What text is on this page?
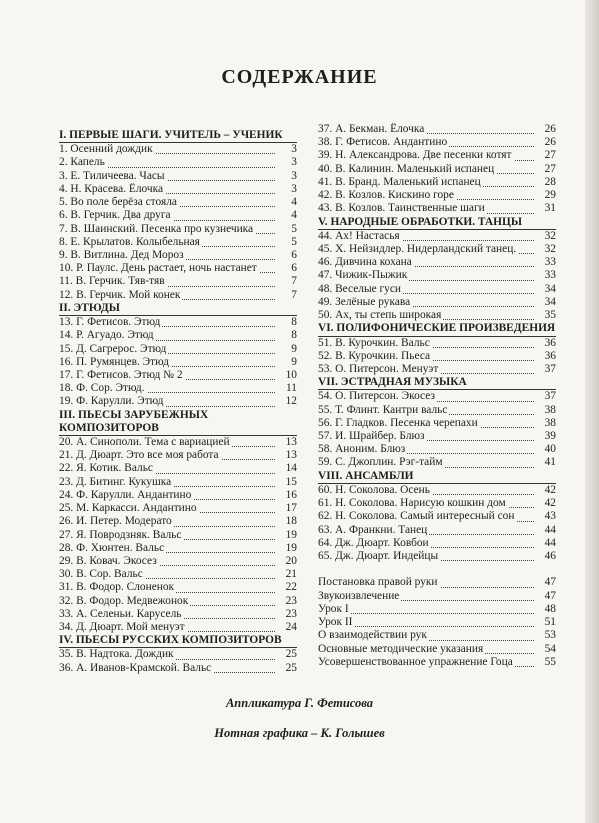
СОДЕРЖАНИЕ
I. ПЕРВЫЕ ШАГИ. УЧИТЕЛЬ – УЧЕНИК
1. Осенний дождик	3
2. Капель	3
3. Е. Тиличеева. Часы	3
4. Н. Красева. Ёлочка	3
5. Во поле берёза стояла	4
6. В. Герчик. Два друга	4
7. В. Шаинский. Песенка про кузнечика	5
8. Е. Крылатов. Колыбельная	5
9. В. Витлина. Дед Мороз	6
10. Р. Паулс. День растает, ночь настанет	6
11. В. Герчик. Тяв-тяв	7
12. В. Герчик. Мой конек	7
II. ЭТЮДЫ
13. Г. Фетисов. Этюд	8
14. Р. Агуадо. Этюд	8
15. Д. Сагрерос. Этюд	9
16. П. Румянцев. Этюд	9
17. Г. Фетисов. Этюд № 2	10
18. Ф. Сор. Этюд.	11
19. Ф. Карулли. Этюд	12
III. ПЬЕСЫ ЗАРУБЕЖНЫХ КОМПОЗИТОРОВ
20. А. Синополи. Тема с вариацией	13
21. Д. Дюарт. Это все моя работа	13
22. Я. Котик. Вальс	14
23. Д. Битинг. Кукушка	15
24. Ф. Карулли. Андантино	16
25. М. Каркасси. Андантино	17
26. И. Петер. Модерато	18
27. Я. Повродзняк. Вальс	19
28. Ф. Хюнтен. Вальс	19
29. В. Ковач. Экосез	20
30. В. Сор. Вальс	21
31. В. Фодор. Слоненок	22
32. В. Фодор. Медвежонок	23
33. А. Селеньи. Карусель	23
34. Д. Дюарт. Мой менуэт	24
IV. ПЬЕСЫ РУССКИХ КОМПОЗИТОРОВ
35. В. Надтока. Дождик	25
36. А. Иванов-Крамской. Вальс	25
37. А. Бекман. Ёлочка	26
38. Г. Фетисов. Андантино	26
39. Н. Александрова. Две песенки котят	27
40. В. Калинин. Маленький испанец	27
41. В. Бранд. Маленький испанец	28
42. В. Козлов. Кискино горе	29
43. В. Козлов. Таинственные шаги	31
V. НАРОДНЫЕ ОБРАБОТКИ. ТАНЦЫ
44. Ах! Настасья	32
45. Х. Нейзидлер. Нидерландский танец.	32
46. Дивчина кохана	33
47. Чижик-Пыжик	33
48. Веселые гуси	34
49. Зелёные рукава	34
50. Ах, ты степь широкая	35
VI. ПОЛИФОНИЧЕСКИЕ ПРОИЗВЕДЕНИЯ
51. В. Курочкин. Вальс	36
52. В. Курочкин. Пьеса	36
53. О. Питерсон. Менуэт	37
VII. ЭСТРАДНАЯ МУЗЫКА
54. О. Питерсон. Экосез	37
55. Т. Флинт. Кантри вальс	38
56. Г. Гладков. Песенка черепахи	38
57. И. Шрайбер. Блюз	39
58. Аноним. Блюз	40
59. С. Джоплин. Рэг-тайм	41
VIII. АНСАМБЛИ
60. Н. Соколова. Осень	42
61. Н. Соколова. Нарисую кошкин дом	42
62. Н. Соколова. Самый интересный сон	43
63. А. Франкни. Танец	44
64. Дж. Дюарт. Ковбои	44
65. Дж. Дюарт. Индейцы	46
Постановка правой руки	47
Звукоизвлечение	47
Урок I	48
Урок II	51
О взаимодействии рук	53
Основные методические указания	54
Усовершенствованное упражнение Гоца	55
Аппликатура Г. Фетисова
Нотная графика – К. Голышев
